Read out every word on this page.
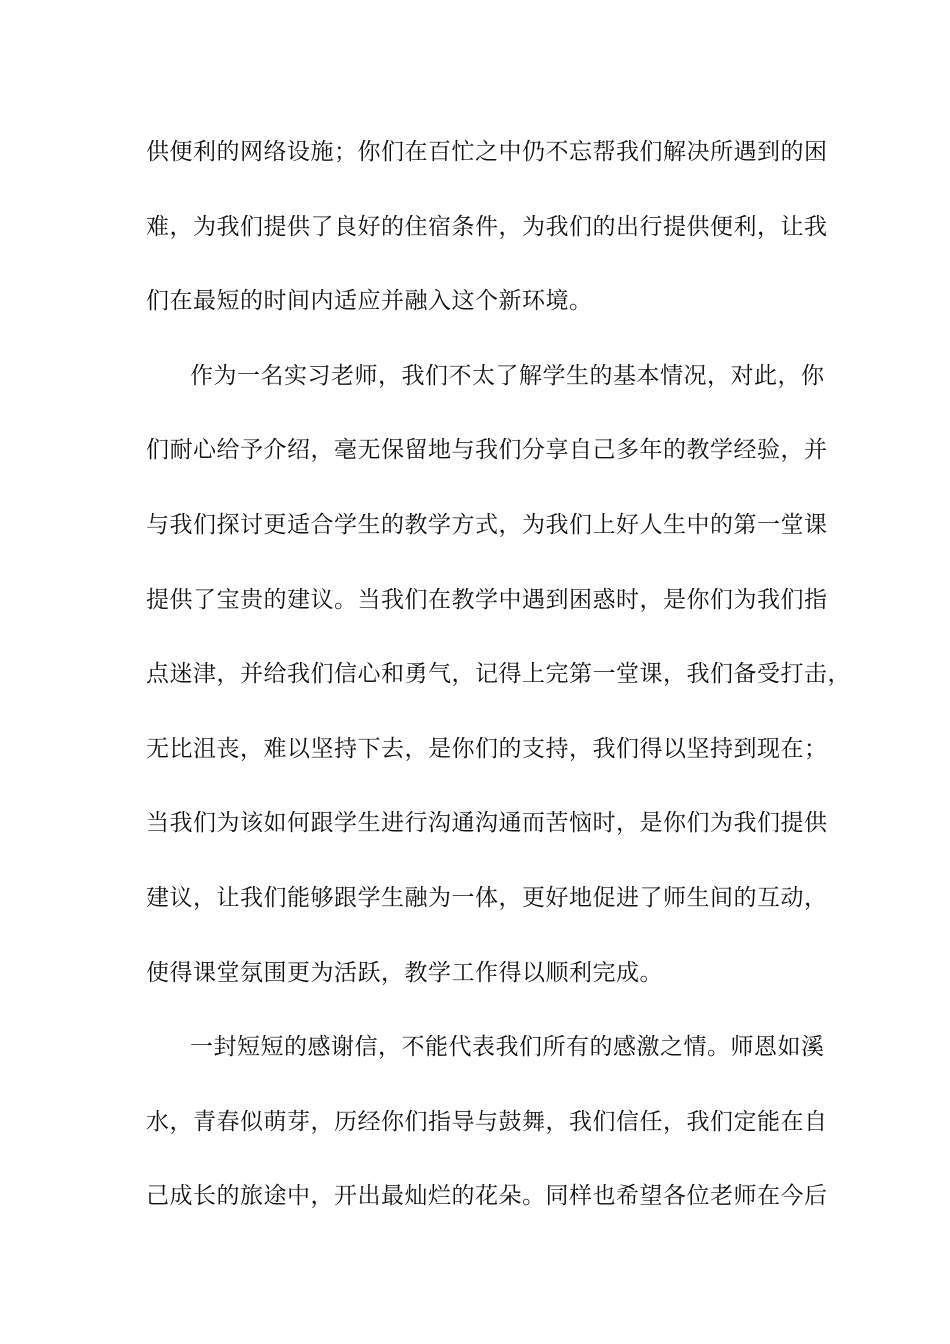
供便利的网络设施；你们在百忙之中仍不忘帮我们解决所遇到的困
难，为我们提供了良好的住宿条件，为我们的出行提供便利，让我
们在最短的时间内适应并融入这个新环境。
作为一名实习老师，我们不太了解学生的基本情况，对此，你
们耐心给予介绍，毫无保留地与我们分享自己多年的教学经验，并
与我们探讨更适合学生的教学方式，为我们上好人生中的第一堂课
提供了宝贵的建议。当我们在教学中遇到困惑时，是你们为我们指
点迷津，并给我们信心和勇气，记得上完第一堂课，我们备受打击，
无比沮丧，难以坚持下去，是你们的支持，我们得以坚持到现在；
当我们为该如何跟学生进行沟通沟通而苦恼时，是你们为我们提供
建议，让我们能够跟学生融为一体，更好地促进了师生间的互动，
使得课堂氛围更为活跃，教学工作得以顺利完成。
一封短短的感谢信，不能代表我们所有的感激之情。师恩如溪
水，青春似萌芽，历经你们指导与鼓舞，我们信任，我们定能在自
己成长的旅途中，开出最灿烂的花朵。同样也希望各位老师在今后
